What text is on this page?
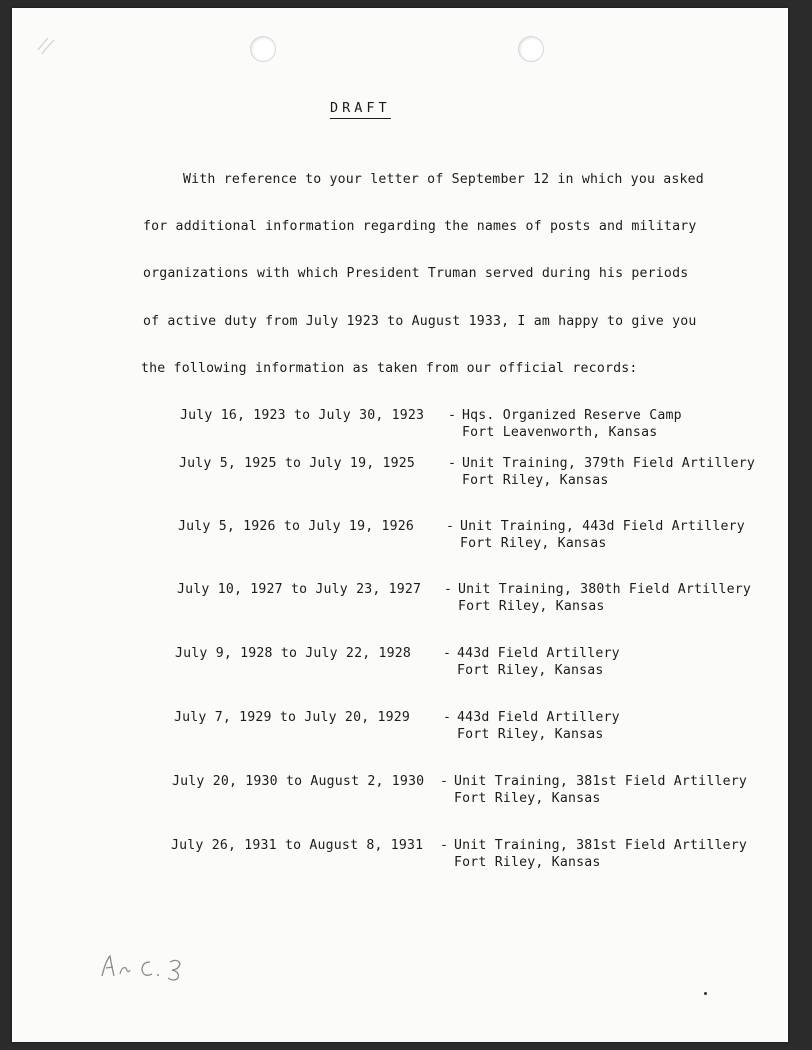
DRAFT
With reference to your letter of September 12 in which you asked
for additional information regarding the names of posts and military
organizations with which President Truman served during his periods
of active duty from July 1923 to August 1933, I am happy to give you
the following information as taken from our official records:
July 16, 1923 to July 30, 1923 - Hqs. Organized Reserve Camp
Fort Leavenworth, Kansas
July 5, 1925 to July 19, 1925 - Unit Training, 379th Field Artillery
Fort Riley, Kansas
July 5, 1926 to July 19, 1926 - Unit Training, 443d Field Artillery
Fort Riley, Kansas
July 10, 1927 to July 23, 1927 - Unit Training, 380th Field Artillery
Fort Riley, Kansas
July 9, 1928 to July 22, 1928 - 443d Field Artillery
Fort Riley, Kansas
July 7, 1929 to July 20, 1929 - 443d Field Artillery
Fort Riley, Kansas
July 20, 1930 to August 2, 1930 - Unit Training, 381st Field Artillery
Fort Riley, Kansas
July 26, 1931 to August 8, 1931 - Unit Training, 381st Field Artillery
Fort Riley, Kansas
